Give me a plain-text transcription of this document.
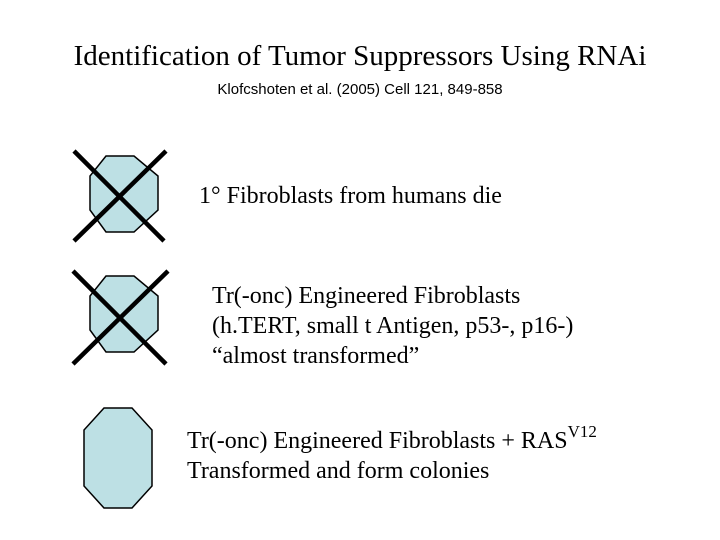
Identification of Tumor Suppressors Using RNAi
Klofcshoten et al. (2005) Cell 121, 849-858
1° Fibroblasts from humans die
Tr(-onc) Engineered Fibroblasts
(h.TERT, small t Antigen, p53-, p16-)
“almost transformed”
Tr(-onc) Engineered Fibroblasts + $RAS^{V12}$
Transformed and form colonies
